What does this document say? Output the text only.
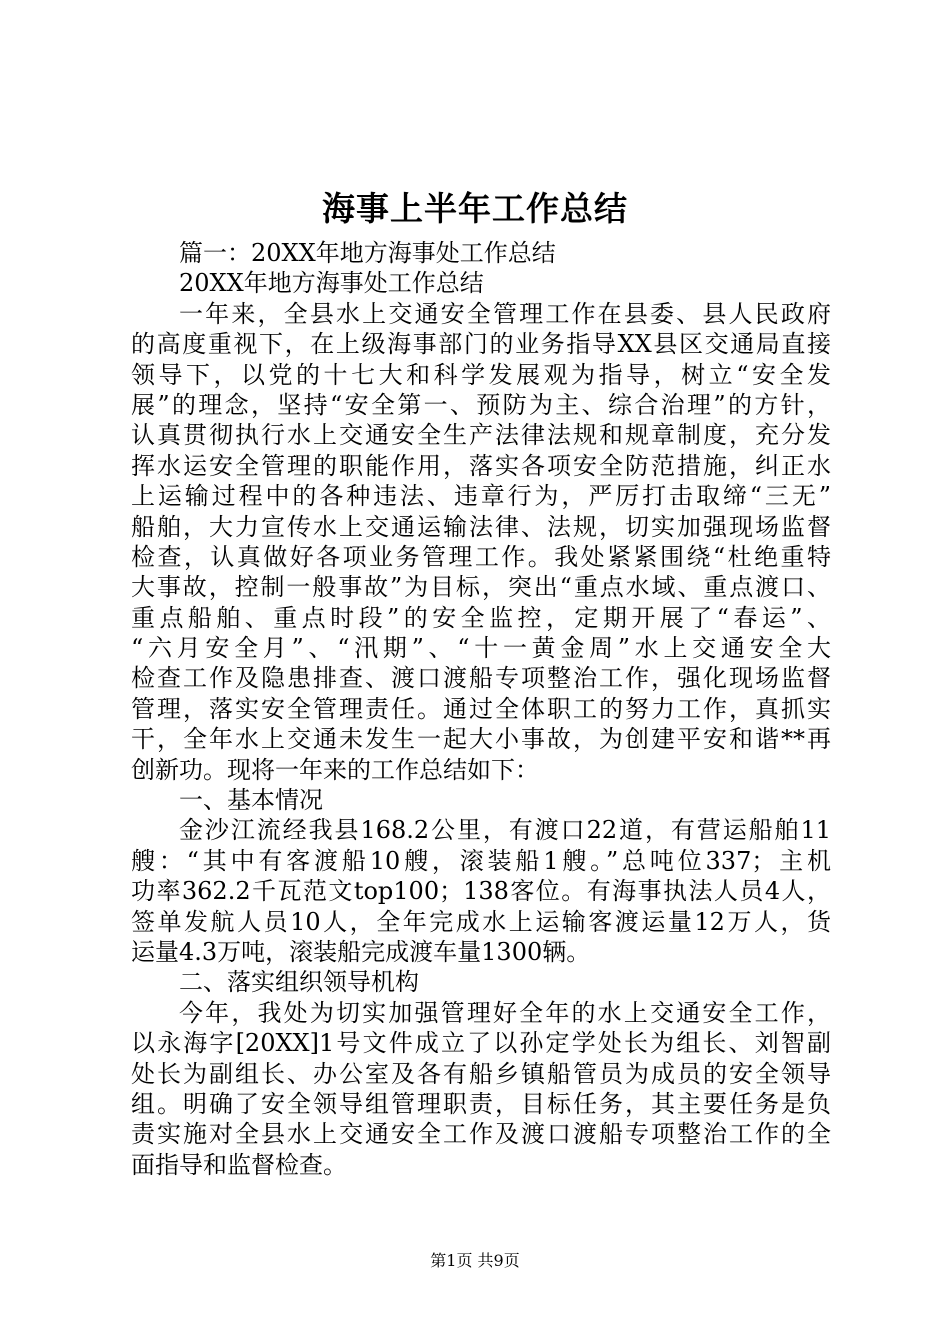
海事上半年工作总结
篇一：20XX年地方海事处工作总结
20XX年地方海事处工作总结
一年来，全县水上交通安全管理工作在县委、县人民政府
的高度重视下，在上级海事部门的业务指导XX县区交通局直接
领导下，以党的十七大和科学发展观为指导，树立“安全发
展”的理念，坚持“安全第一、预防为主、综合治理”的方针，
认真贯彻执行水上交通安全生产法律法规和规章制度，充分发
挥水运安全管理的职能作用，落实各项安全防范措施，纠正水
上运输过程中的各种违法、违章行为，严厉打击取缔“三无”
船舶，大力宣传水上交通运输法律、法规，切实加强现场监督
检查，认真做好各项业务管理工作。我处紧紧围绕“杜绝重特
大事故，控制一般事故”为目标，突出“重点水域、重点渡口、
重点船舶、重点时段”的安全监控，定期开展了“春运”、
“六月安全月”、“汛期”、“十一黄金周”水上交通安全大
检查工作及隐患排查、渡口渡船专项整治工作，强化现场监督
管理，落实安全管理责任。通过全体职工的努力工作，真抓实
干，全年水上交通未发生一起大小事故，为创建平安和谐**再
创新功。现将一年来的工作总结如下：
一、基本情况
金沙江流经我县168.2公里，有渡口22道，有营运船舶11
艘：“其中有客渡船10艘，滚装船1艘。”总吨位337；主机
功率362.2千瓦范文top100；138客位。有海事执法人员4人，
签单发航人员10人，全年完成水上运输客渡运量12万人，货
运量4.3万吨，滚装船完成渡车量1300辆。
二、落实组织领导机构
今年，我处为切实加强管理好全年的水上交通安全工作，
以永海字[20XX]1号文件成立了以孙定学处长为组长、刘智副
处长为副组长、办公室及各有船乡镇船管员为成员的安全领导
组。明确了安全领导组管理职责，目标任务，其主要任务是负
责实施对全县水上交通安全工作及渡口渡船专项整治工作的全
面指导和监督检查。
第1页 共9页
